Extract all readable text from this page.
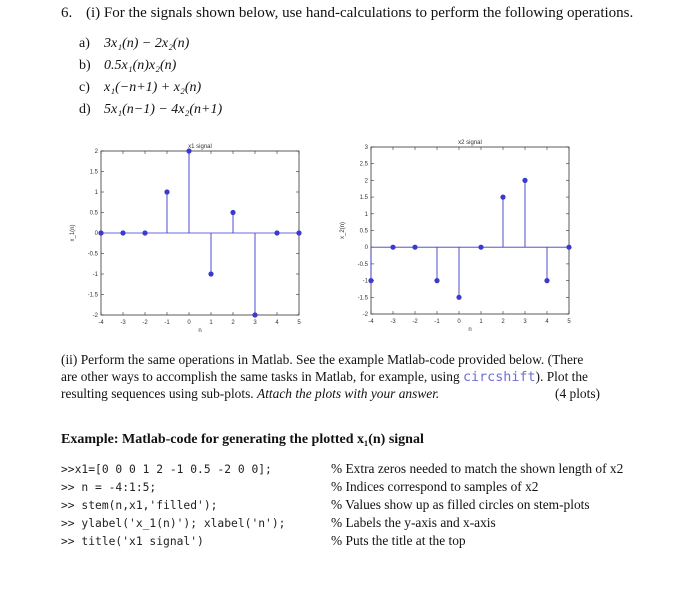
6. (i) For the signals shown below, use hand-calculations to perform the following operations.
a) 3x₁(n) − 2x₂(n)
b) 0.5x₁(n)x₂(n)
c) x₁(−n+1) + x₂(n)
d) 5x₁(n−1) − 4x₂(n+1)
-4	-3	-2	-1	0	1	2	3	4	5
2
1.5
1
0.5
0
-0.5
-1
-1.5
-2
x1 signal
n
x_1(n)
-4	-3	-2	-1	0	1	2	3	4	5
3
2.5
2
1.5
1
0.5
0
-0.5
-1
-1.5
-2
x2 signal
n
x_2(n)
(ii) Perform the same operations in Matlab. See the example Matlab-code provided below. (There
are other ways to accomplish the same tasks in Matlab, for example, using circshift). Plot the
resulting sequences using sub-plots. Attach the plots with your answer.	(4 plots)
Example: Matlab-code for generating the plotted x₁(n) signal
>>x1=[0 0 0 1 2 -1 0.5 -2 0 0];	% Extra zeros needed to match the shown length of x2
>> n = -4:1:5;	% Indices correspond to samples of x2
>> stem(n,x1,'filled');	% Values show up as filled circles on stem-plots
>> ylabel('x_1(n)'); xlabel('n');	% Labels the y-axis and x-axis
>> title('x1 signal')	% Puts the title at the top
